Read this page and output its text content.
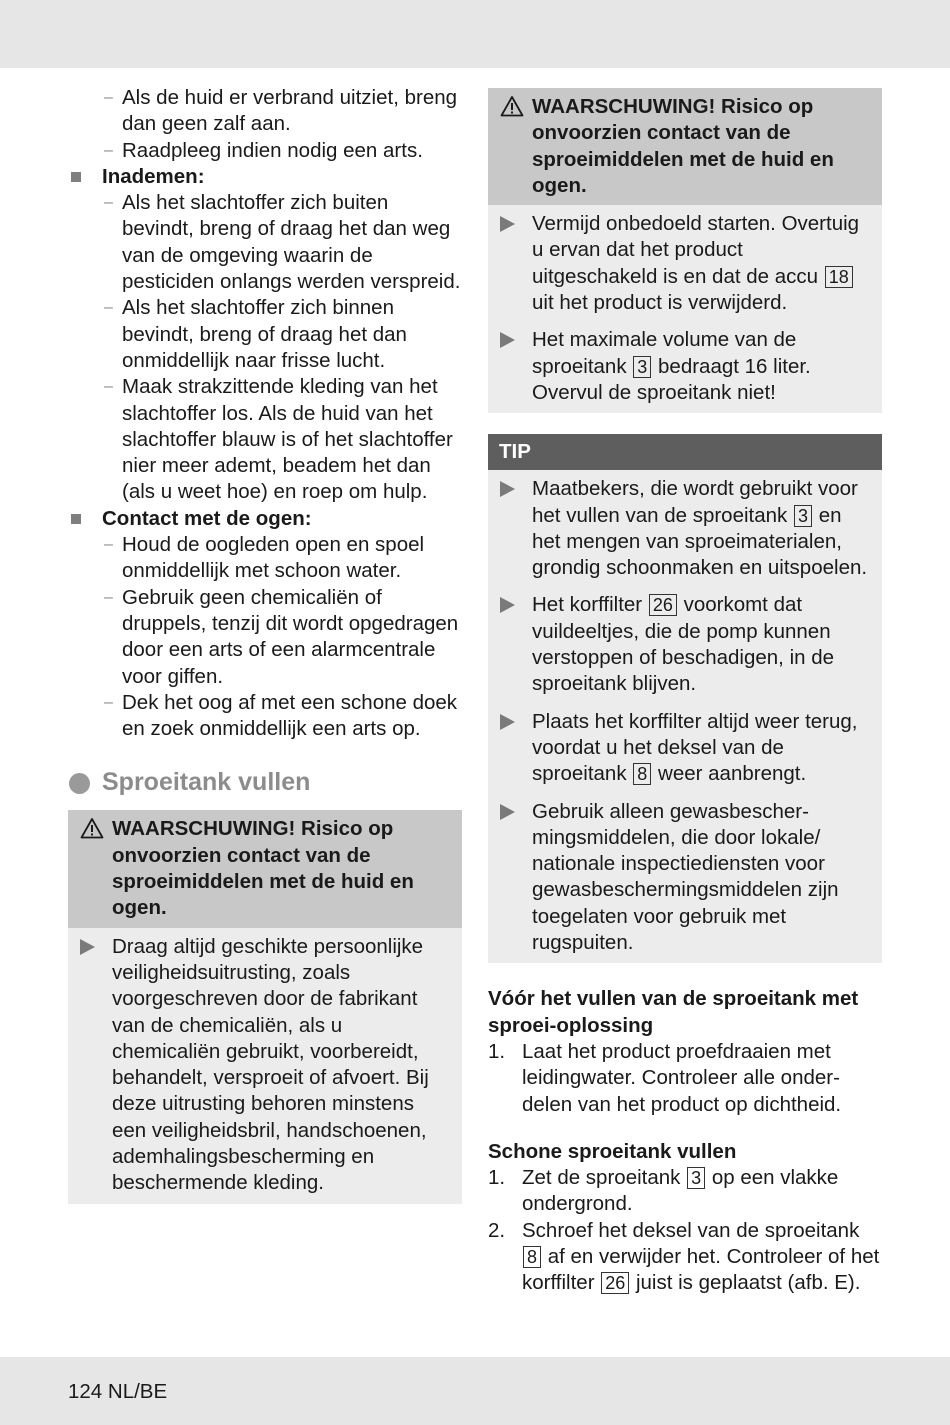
– Als de huid er verbrand uitziet, breng dan geen zalf aan.
– Raadpleeg indien nodig een arts.
Inademen:
– Als het slachtoffer zich buiten bevindt, breng of draag het dan weg van de omgeving waarin de pesticiden onlangs werden verspreid.
– Als het slachtoffer zich binnen bevindt, breng of draag het dan onmiddellijk naar frisse lucht.
– Maak strakzittende kleding van het slachtoffer los. Als de huid van het slachtoffer blauw is of het slachtoffer nier meer ademt, beadem het dan (als u weet hoe) en roep om hulp.
Contact met de ogen:
– Houd de oogleden open en spoel onmiddellijk met schoon water.
– Gebruik geen chemicaliën of druppels, tenzij dit wordt opgedragen door een arts of een alarmcentrale voor giffen.
– Dek het oog af met een schone doek en zoek onmiddellijk een arts op.
Sproeitank vullen
WAARSCHUWING! Risico op onvoorzien contact van de sproeimiddelen met de huid en ogen.
Draag altijd geschikte persoonlijke veiligheidsuitrusting, zoals voorgeschreven door de fabrikant van de chemicaliën, als u chemicaliën gebruikt, voorbereidt, behandelt, versproeit of afvoert. Bij deze uitrusting behoren minstens een veiligheidsbril, handschoenen, ademhalingsbescherming en beschermende kleding.
WAARSCHUWING! Risico op onvoorzien contact van de sproeimiddelen met de huid en ogen.
Vermijd onbedoeld starten. Overtuig u ervan dat het product uitgeschakeld is en dat de accu 18 uit het product is verwijderd.
Het maximale volume van de sproeitank 3 bedraagt 16 liter. Overvul de sproeitank niet!
TIP
Maatbekers, die wordt gebruikt voor het vullen van de sproeitank 3 en het mengen van sproeimaterialen, grondig schoonmaken en uitspoelen.
Het korffilter 26 voorkomt dat vuildeeltjes, die de pomp kunnen verstoppen of beschadigen, in de sproeitank blijven.
Plaats het korffilter altijd weer terug, voordat u het deksel van de sproeitank 8 weer aanbrengt.
Gebruik alleen gewasbescher-mingsmiddelen, die door lokale/ nationale inspectiediensten voor gewasbeschermingsmiddelen zijn toegelaten voor gebruik met rugspuiten.
Vóór het vullen van de sproeitank met sproei-oplossing
1. Laat het product proefdraaien met leidingwater. Controleer alle onder-delen van het product op dichtheid.
Schone sproeitank vullen
1. Zet de sproeitank 3 op een vlakke ondergrond.
2. Schroef het deksel van de sproeitank 8 af en verwijder het. Controleer of het korffilter 26 juist is geplaatst (afb. E).
124 NL/BE
